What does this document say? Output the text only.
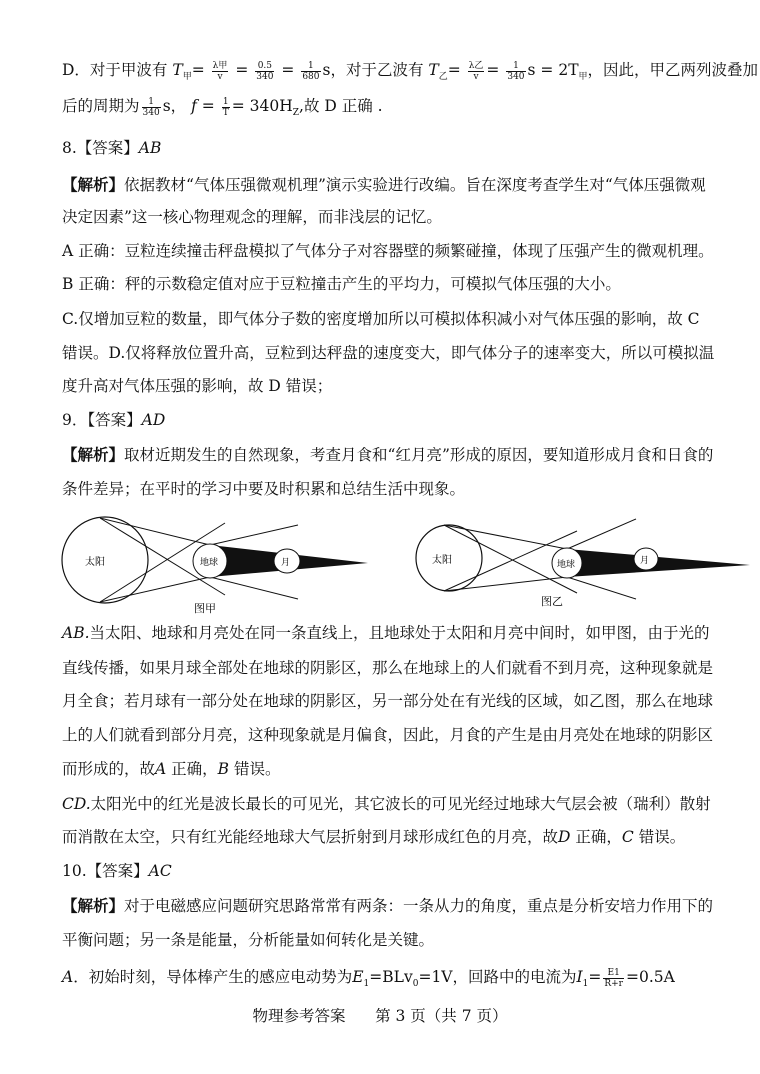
D．对于甲波有 $T_甲= \frac{\text{λ甲}}{v} = \frac{0.5}{340} = \frac{1}{680}$ s，对于乙波有 $T_乙= \frac{\text{λ乙}}{v} = \frac{1}{340}$ $s = 2T_甲$，因此，甲乙两列波叠加
后的周期为 $\frac{1}{340}$ s， $f = \frac{1}{T} = 340H_Z$,故 D 正确 .
8.【答案】AB
【解析】依据教材“气体压强微观机理”演示实验进行改编。旨在深度考查学生对“气体压强微观
决定因素”这一核心物理观念的理解，而非浅层的记忆。
A 正确：豆粒连续撞击秤盘模拟了气体分子对容器壁的频繁碰撞，体现了压强产生的微观机理。
B 正确：秤的示数稳定值对应于豆粒撞击产生的平均力，可模拟气体压强的大小。
C.仅增加豆粒的数量，即气体分子数的密度增加所以可模拟体积减小对气体压强的影响，故 C
错误。D.仅将释放位置升高，豆粒到达秤盘的速度变大，即气体分子的速率变大，所以可模拟温
度升高对气体压强的影响，故 D 错误；
9．【答案】AD
【解析】取材近期发生的自然现象，考查月食和“红月亮”形成的原因，要知道形成月食和日食的
条件差异；在平时的学习中要及时积累和总结生活中现象。
太阳	地球	月
图甲
太阳	地球	月
图乙
AB.当太阳、地球和月亮处在同一条直线上，且地球处于太阳和月亮中间时，如甲图，由于光的
直线传播，如果月球全部处在地球的阴影区，那么在地球上的人们就看不到月亮，这种现象就是
月全食；若月球有一部分处在地球的阴影区，另一部分处在有光线的区域，如乙图，那么在地球
上的人们就看到部分月亮，这种现象就是月偏食，因此，月食的产生是由月亮处在地球的阴影区
而形成的，故A 正确，B 错误。
CD.太阳光中的红光是波长最长的可见光，其它波长的可见光经过地球大气层会被（瑞利）散射
而消散在太空，只有红光能经地球大气层折射到月球形成红色的月亮，故D 正确，C 错误。
10.【答案】AC
【解析】对于电磁感应问题研究思路常常有两条：一条从力的角度，重点是分析安培力作用下的
平衡问题；另一条是能量，分析能量如何转化是关键。
A．初始时刻，导体棒产生的感应电动势为$E_1=BLv_0=1V$，回路中的电流为$I_1= \frac{E1}{R+r} =0.5A$
物理参考答案 第 3 页（共 7 页）
